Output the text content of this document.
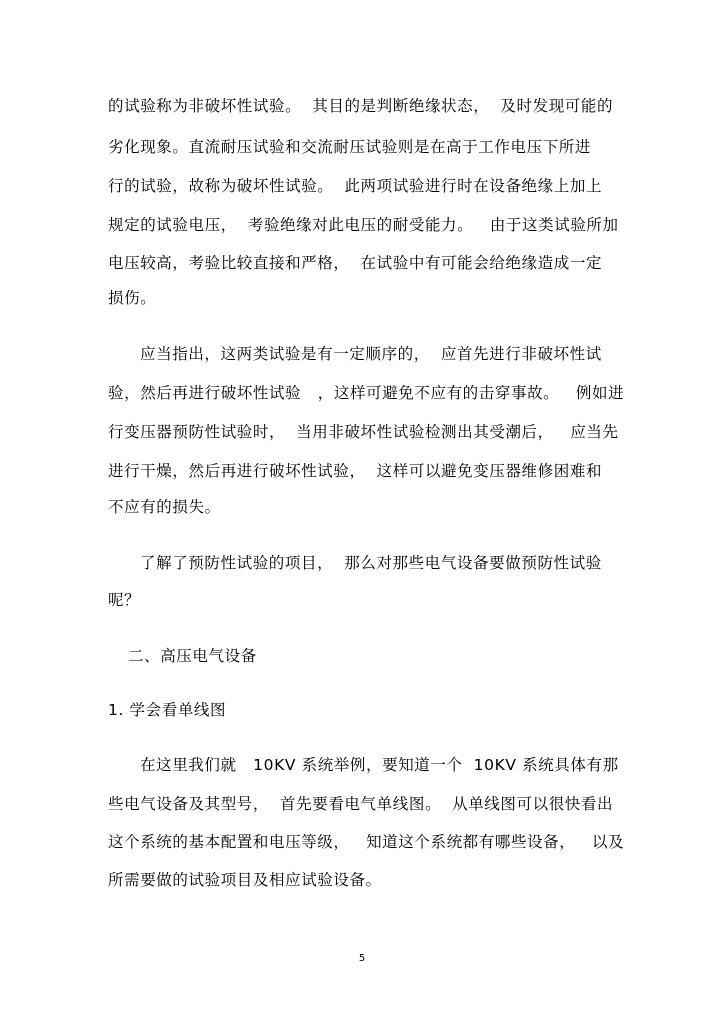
的试验称为非破坏性试验。  其目的是判断绝缘状态，  及时发现可能的
劣化现象。直流耐压试验和交流耐压试验则是在高于工作电压下所进
行的试验，故称为破坏性试验。  此两项试验进行时在设备绝缘上加上
规定的试验电压，  考验绝缘对此电压的耐受能力。   由于这类试验所加
电压较高，考验比较直接和严格，  在试验中有可能会给绝缘造成一定
损伤。
应当指出，这两类试验是有一定顺序的，  应首先进行非破坏性试
验，然后再进行破坏性试验   ，这样可避免不应有的击穿事故。   例如进
行变压器预防性试验时，  当用非破坏性试验检测出其受潮后，   应当先
进行干燥，然后再进行破坏性试验，  这样可以避免变压器维修困难和
不应有的损失。
了解了预防性试验的项目，  那么对那些电气设备要做预防性试验
呢？
二、高压电气设备
1. 学会看单线图
在这里我们就   10KV 系统举例，要知道一个  10KV 系统具体有那
些电气设备及其型号，  首先要看电气单线图。  从单线图可以很快看出
这个系统的基本配置和电压等级，   知道这个系统都有哪些设备，   以及
所需要做的试验项目及相应试验设备。
5
